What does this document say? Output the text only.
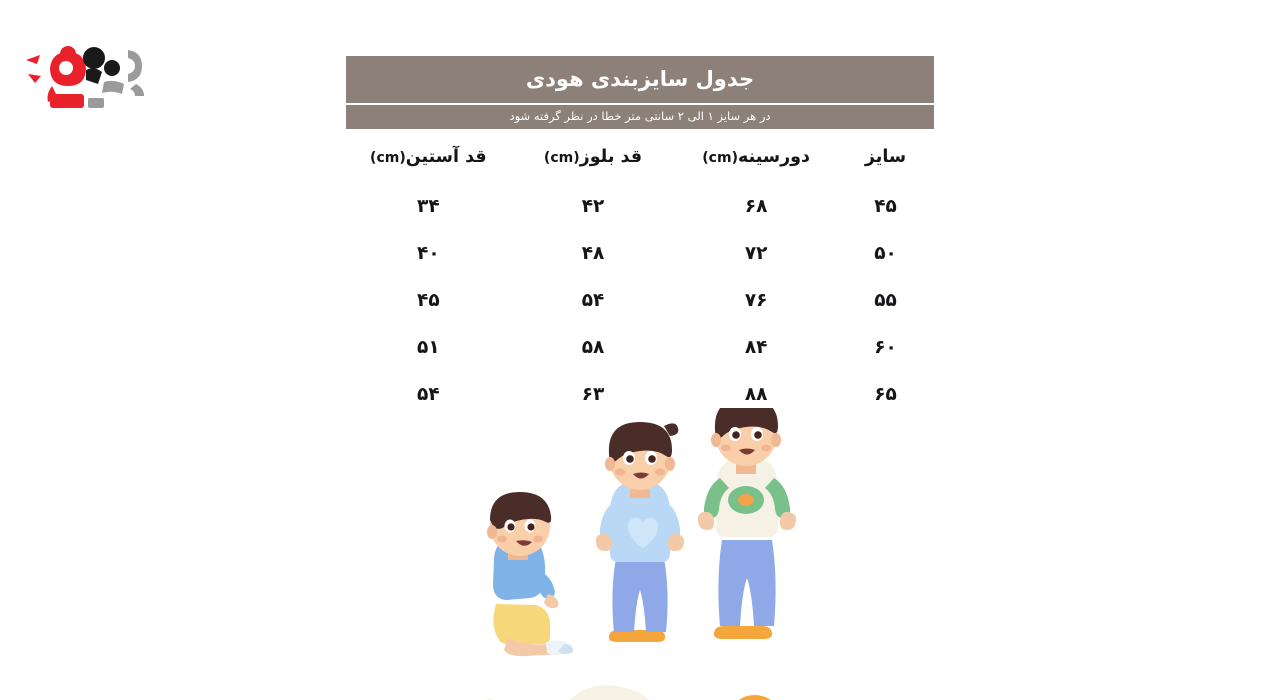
جدول سایزبندی هودی			
در هر سایز ۱ الی ۲ سانتی متر خطا در نظر گرفته شود			
سایز	دورسینه(cm)	قد بلوز(cm)	قد آستین(cm)
۴۵	۶۸	۴۲	۳۴
۵۰	۷۲	۴۸	۴۰
۵۵	۷۶	۵۴	۴۵
۶۰	۸۴	۵۸	۵۱
۶۵	۸۸	۶۳	۵۴
